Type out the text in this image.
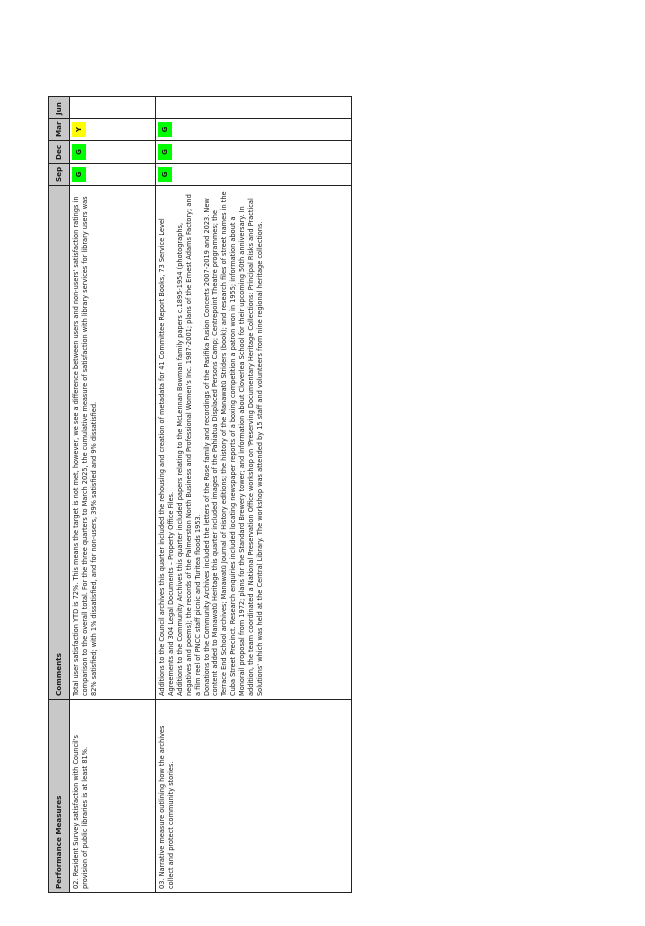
Performance Measures	Comments	Sep	Dec	Mar	Jun
02. Resident Survey satisfaction with Council's provision of public libraries is at least 81%.	Total user satisfaction YTD is 72%. This means the target is not met, however, we see a difference between users and non-users' satisfaction ratings in comparison to the overall total. For the three quarters to March 2025, the cumulative measure of satisfaction with library services for library users was 82% satisfied; with 1% dissatisfied, and for non-users, 39% satisfied and 9% dissatisfied.	G	G	Y	

03. Narrative measure outlining how the archives collect and protect community stories.	Additions to the Council archives this quarter included the rehousing and creation of metadata for 41 Committee Report Books, 73 Service Level Agreements and 304 Legal Documents – Property Office Files. Additions to the Community Archives this quarter included papers relating to the McLennan Bowman family papers c.1895-1954 (photographs, negatives and poems); the records of the Palmerston North Business and Professional Women's Inc. 1987-2001; plans of the Ernest Adams Factory; and a film reel of PNCC staff picnic and Turitea floods 1953. Donations to the Community Archives included the letters of the Rose family and recordings of the Pasifika Fusion Concerts 2007-2019 and 2023. New content added to Manawatū Heritage this quarter included images of the Pahiatua Displaced Persons Camp; Centrepoint Theatre programmes; the Terrace End School archives; Manawatū Journal of History editions; the history of the Manawatū Striders (book); and research files of street names in the Cuba Street Precinct. Research enquiries included locating newspaper reports of a boxing competition a patron won in 1955; information about a Monorail proposal from 1972; plans for the Standard Brewery tower; and information about Cloverlea School for their upcoming 50th anniversary. In addition, the team coordinated a National Preservation Office workshop on 'Preserving Documentary Heritage Collections: Principal Risks and Practical Solutions' which was held at the Central Library. The workshop was attended by 15 staff and volunteers from nine regional heritage collections.	G	G	G	
